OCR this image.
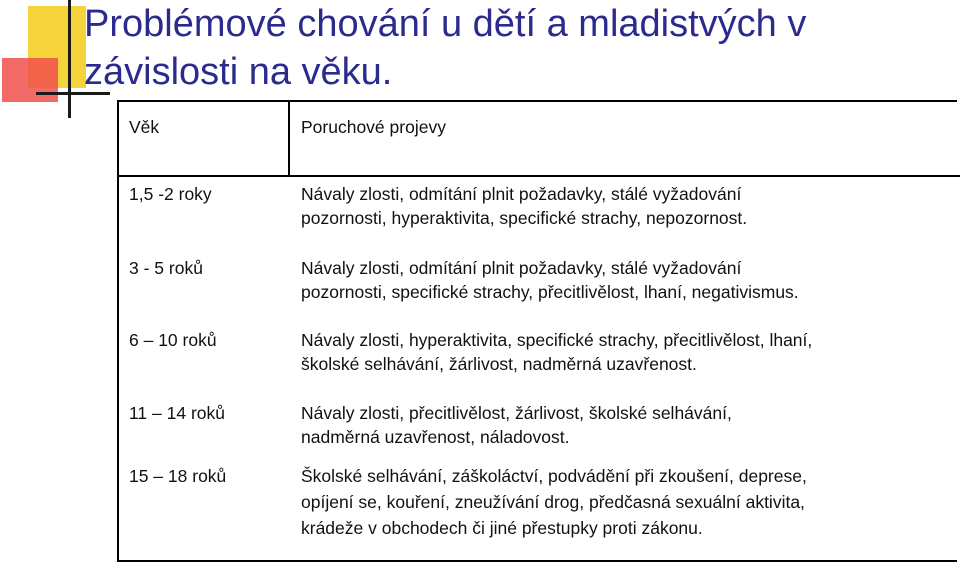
Problémové chování u dětí a mladistvých v
závislosti na věku.

Věk	Poruchové projevy

1,5 -2 roky	Návaly zlosti, odmítání plnit požadavky, stálé vyžadování

pozornosti, hyperaktivita, specifické strachy, nepozornost.

3 - 5 roků	Návaly zlosti, odmítání plnit požadavky, stálé vyžadování

pozornosti, specifické strachy, přecitlivělost, lhaní, negativismus.

6 – 10 roků	Návaly zlosti, hyperaktivita, specifické strachy, přecitlivělost, lhaní,

školské selhávání, žárlivost, nadměrná uzavřenost.

11 – 14 roků	Návaly zlosti, přecitlivělost, žárlivost, školské selhávání,

nadměrná uzavřenost, náladovost.

15 – 18 roků	Školské selhávání, záškoláctví, podvádění při zkoušení, deprese,

opíjení se, kouření, zneužívání drog, předčasná sexuální aktivita,

krádeže v obchodech či jiné přestupky proti zákonu.
